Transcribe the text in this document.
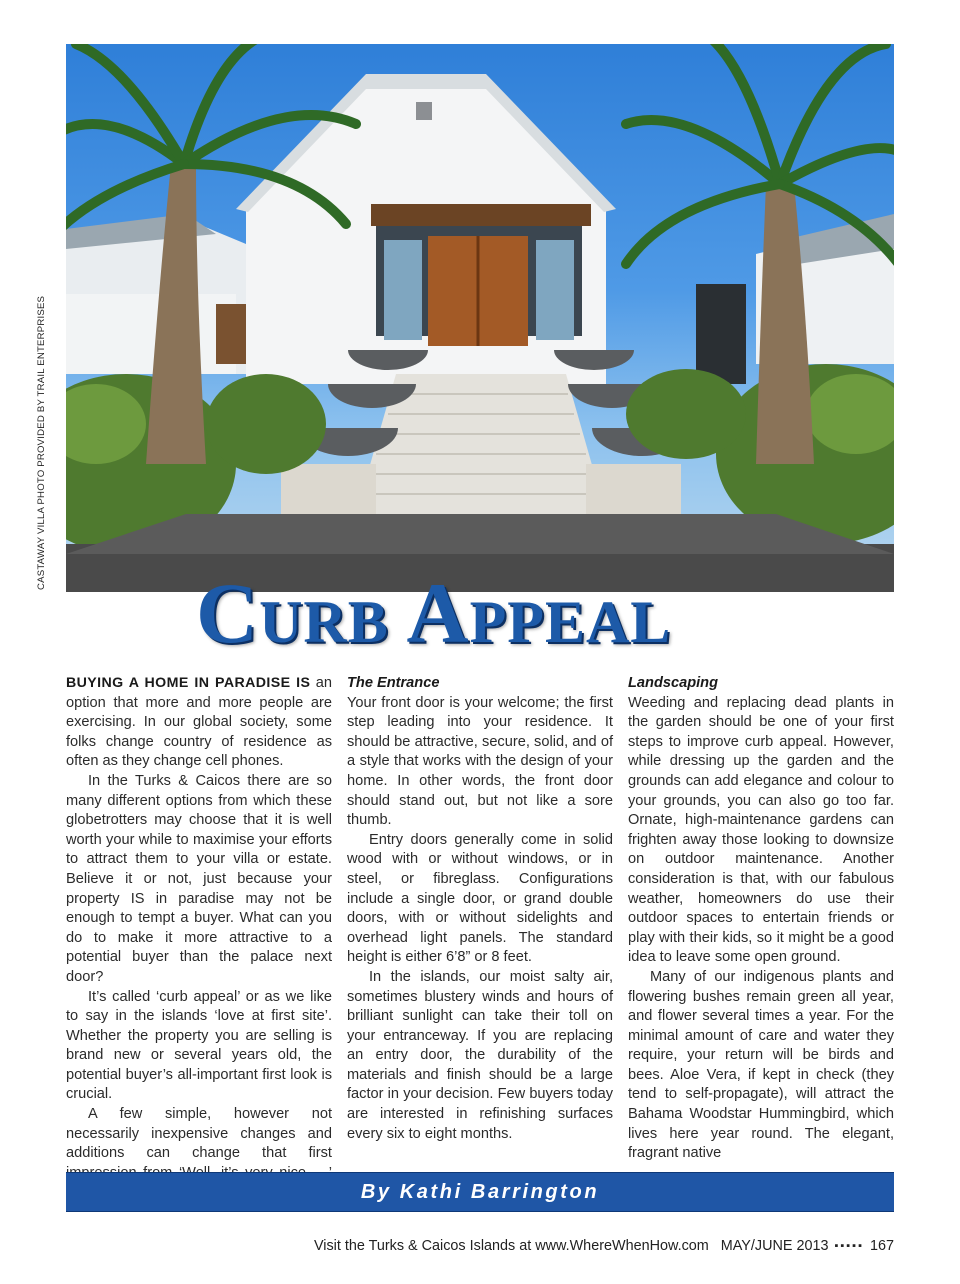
CASTAWAY VILLA PHOTO PROVIDED BY TRAIL ENTERPRISES
Curb Appeal

BUYING A HOME IN PARADISE IS an option that more and more people are exercising. In our global society, some folks change country of residence as often as they change cell phones.

In the Turks & Caicos there are so many different options from which these globetrotters may choose that it is well worth your while to maximise your efforts to attract them to your villa or estate. Believe it or not, just because your property IS in paradise may not be enough to tempt a buyer. What can you do to make it more attractive to a potential buyer than the palace next door?

It’s called ‘curb appeal’ or as we like to say in the islands ‘love at first site’. Whether the property you are selling is brand new or several years old, the potential buyer’s all-important first look is crucial.

A few simple, however not necessarily inexpensive changes and additions can change that first

The Entrance

Your front door is your welcome; the first step leading into your residence. It should be attractive, secure, solid, and of a style that works with the design of your home. In other words, the front door should stand out, but not like a sore thumb.

Entry doors generally come in solid wood with or without windows, or in steel, or fibreglass. Configurations include a single door, or grand double doors, with or without sidelights and overhead light panels. The standard height is either 6’8” or 8 feet.

In the islands, our moist salty air, sometimes blustery winds and hours of brilliant sunlight can take their toll on your entranceway. If you are replacing an entry door, the durability of the materials and finish should be a large factor in your decision. Few buyers today are interested in refinishing surfaces every six to eight months.

Landscaping

Weeding and replacing dead plants in the garden should be one of your first steps to improve curb appeal. However, while dressing up the garden and the grounds can add elegance and colour to your grounds, you can also go too far. Ornate, high-maintenance gardens can frighten away those looking to downsize on outdoor maintenance. Another consideration is that, with our fabulous weather, homeowners do use their outdoor spaces to entertain friends or play with their kids, so it might be a good idea to leave some open ground.

Many of our indigenous plants and flowering bushes remain green all year, and flower several times a year. For the minimal amount of care and water they require, your return will be birds and bees. Aloe Vera, if kept in check (they tend to self-propagate), will attract the Bahama Woodstar Hummingbird, which lives here year round. The elegant, fragrant native

By Kathi Barrington
Visit the Turks & Caicos Islands at www.WhereWhenHow.com MAY/JUNE 2013 ▪▪▪▪▪ 167
